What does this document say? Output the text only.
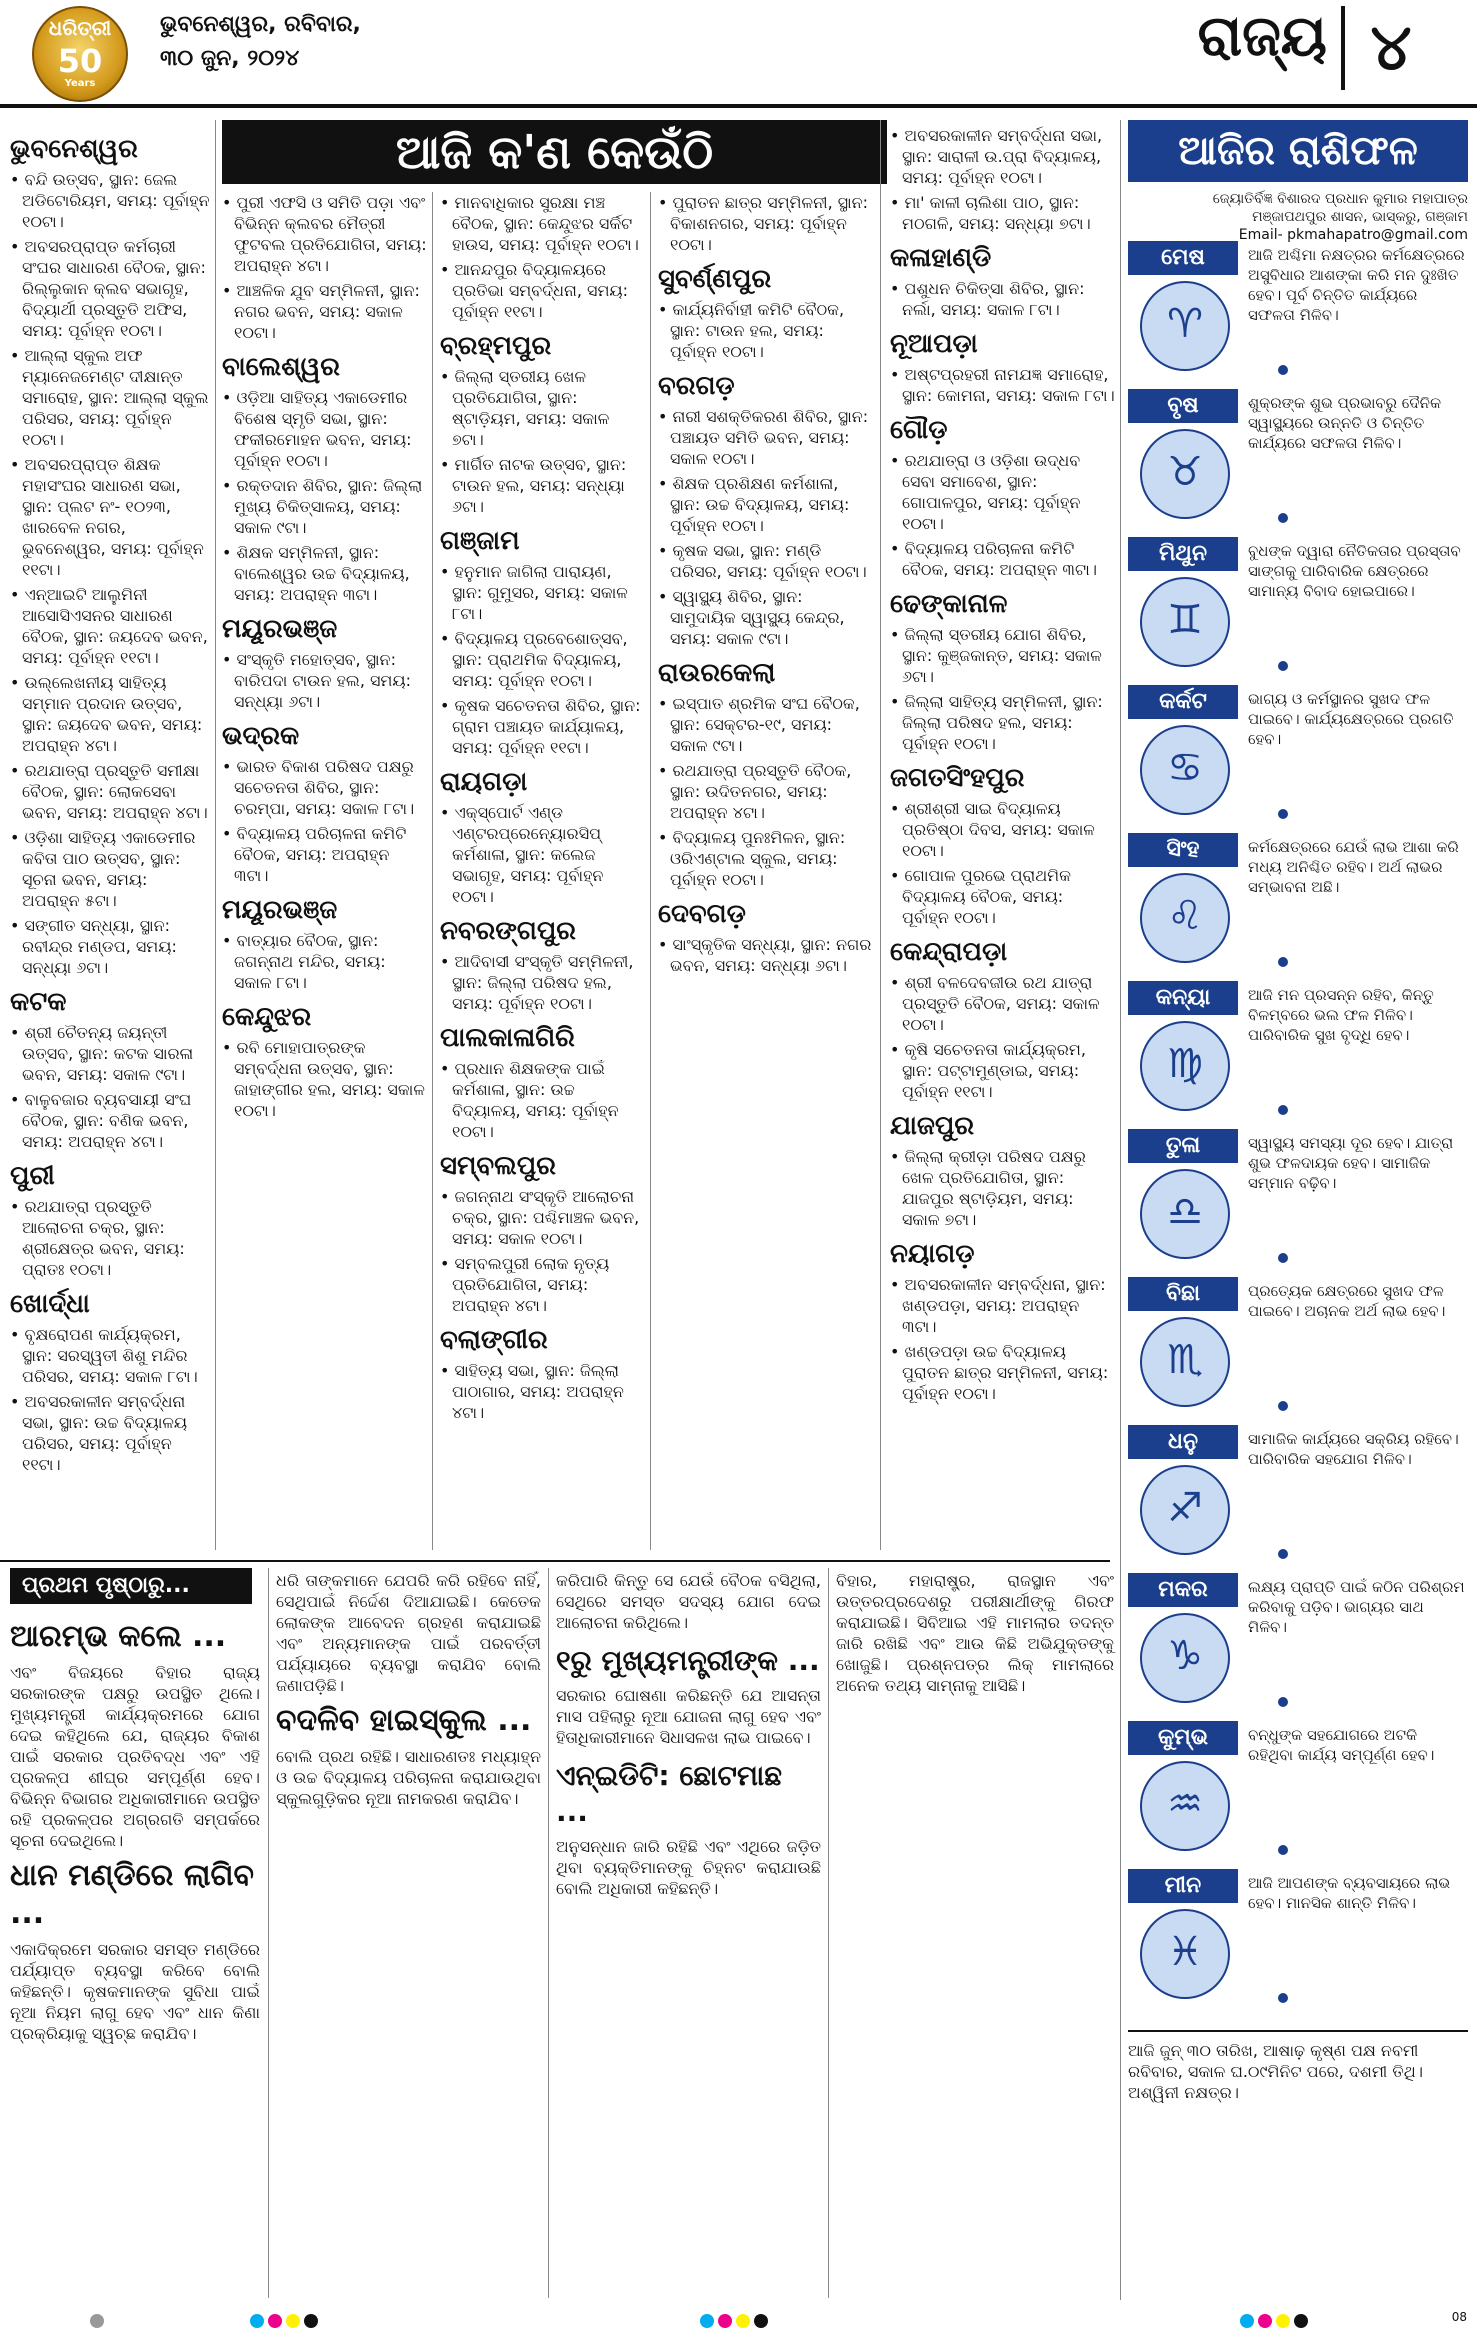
ଧରିତ୍ରୀ
50
Years
ଭୁବନେଶ୍ୱର, ରବିବାର,
୩୦ ଜୁନ, ୨୦୨୪	ରାଜ୍ୟ ୪
ଆଜି କ'ଣ କେଉଁଠି
ଭୁବନେଶ୍ୱର
• ବନ୍ଦି ଉତ୍ସବ, ସ୍ଥାନ: ଜେଲ ଅଡିଟୋରିୟମ, ସମୟ: ପୂର୍ବାହ୍ନ ୧୦ଟା।
• ଅବସରପ୍ରାପ୍ତ କର୍ମଚାରୀ ସଂଘର ସାଧାରଣ ବୈଠକ, ସ୍ଥାନ: ରିଲ୍ଲୁକାନ କ୍ଲବ ସଭାଗୃହ, ବିଦ୍ୟାର୍ଥୀ ପ୍ରସ୍ତୁତି ଅଫିସ, ସମୟ: ପୂର୍ବାହ୍ନ ୧୦ଟା।
• ଆଲ୍ଲା ସ୍କୁଲ ଅଫ ମ୍ୟାନେଜମେଣ୍ଟ ଦୀକ୍ଷାନ୍ତ ସମାରୋହ, ସ୍ଥାନ: ଆଲ୍ଲା ସ୍କୁଲ ପରିସର, ସମୟ: ପୂର୍ବାହ୍ନ ୧୦ଟା।
• ଅବସରପ୍ରାପ୍ତ ଶିକ୍ଷକ ମହାସଂଘର ସାଧାରଣ ସଭା, ସ୍ଥାନ: ପ୍ଲଟ ନଂ- ୧୦୨୩, ଖାରବେଳ ନଗର, ଭୁବନେଶ୍ୱର, ସମୟ: ପୂର୍ବାହ୍ନ ୧୧ଟା।
• ଏନ୍‌ଆଇଟି ଆଲୁମିନୀ ଆସୋସିଏସନର ସାଧାରଣ ବୈଠକ, ସ୍ଥାନ: ଜୟଦେବ ଭବନ, ସମୟ: ପୂର୍ବାହ୍ନ ୧୧ଟା।
• ଉଲ୍ଲେଖନୀୟ ସାହିତ୍ୟ ସମ୍ମାନ ପ୍ରଦାନ ଉତ୍ସବ, ସ୍ଥାନ: ଜୟଦେବ ଭବନ, ସମୟ: ଅପରାହ୍ନ ୪ଟା।
• ରଥଯାତ୍ରା ପ୍ରସ୍ତୁତି ସମୀକ୍ଷା ବୈଠକ, ସ୍ଥାନ: ଲୋକସେବା ଭବନ, ସମୟ: ଅପରାହ୍ନ ୪ଟା।
• ଓଡ଼ିଶା ସାହିତ୍ୟ ଏକାଡେମୀର କବିତା ପାଠ ଉତ୍ସବ, ସ୍ଥାନ: ସୂଚନା ଭବନ, ସମୟ: ଅପରାହ୍ନ ୫ଟା।
• ସଙ୍ଗୀତ ସନ୍ଧ୍ୟା, ସ୍ଥାନ: ରବୀନ୍ଦ୍ର ମଣ୍ଡପ, ସମୟ: ସନ୍ଧ୍ୟା ୬ଟା।
କଟକ
• ଶ୍ରୀ ଚୈତନ୍ୟ ଜୟନ୍ତୀ ଉତ୍ସବ, ସ୍ଥାନ: କଟକ ସାରଳା ଭବନ, ସମୟ: ସକାଳ ୯ଟା।
• ବାଳୁବଜାର ବ୍ୟବସାୟୀ ସଂଘ ବୈଠକ, ସ୍ଥାନ: ବଣିକ ଭବନ, ସମୟ: ଅପରାହ୍ନ ୪ଟା।
ପୁରୀ
• ରଥଯାତ୍ରା ପ୍ରସ୍ତୁତି ଆଲୋଚନା ଚକ୍ର, ସ୍ଥାନ: ଶ୍ରୀକ୍ଷେତ୍ର ଭବନ, ସମୟ: ପ୍ରାତଃ ୧୦ଟା।
ଖୋର୍ଦ୍ଧା
• ବୃକ୍ଷରୋପଣ କାର୍ଯ୍ୟକ୍ରମ, ସ୍ଥାନ: ସରସ୍ୱତୀ ଶିଶୁ ମନ୍ଦିର ପରିସର, ସମୟ: ସକାଳ ୮ଟା।
• ଅବସରକାଳୀନ ସମ୍ବର୍ଦ୍ଧନା ସଭା, ସ୍ଥାନ: ଉଚ୍ଚ ବିଦ୍ୟାଳୟ ପରିସର, ସମୟ: ପୂର୍ବାହ୍ନ ୧୧ଟା।
• ପୁରୀ ଏଫସି ଓ ସମିତି ପଡ଼ା ଏବଂ ବିଭିନ୍ନ କ୍ଲବର ମୈତ୍ରୀ ଫୁଟବଲ ପ୍ରତିଯୋଗିତା, ସମୟ: ଅପରାହ୍ନ ୪ଟା।
• ଆଞ୍ଚଳିକ ଯୁବ ସମ୍ମିଳନୀ, ସ୍ଥାନ: ନଗର ଭବନ, ସମୟ: ସକାଳ ୧୦ଟା।
ବାଲେଶ୍ୱର
• ଓଡ଼ିଆ ସାହିତ୍ୟ ଏକାଡେମୀର ବିଶେଷ ସ୍ମୃତି ସଭା, ସ୍ଥାନ: ଫକୀରମୋହନ ଭବନ, ସମୟ: ପୂର୍ବାହ୍ନ ୧୦ଟା।
• ରକ୍ତଦାନ ଶିବିର, ସ୍ଥାନ: ଜିଲ୍ଲା ମୁଖ୍ୟ ଚିକିତ୍ସାଳୟ, ସମୟ: ସକାଳ ୯ଟା।
• ଶିକ୍ଷକ ସମ୍ମିଳନୀ, ସ୍ଥାନ: ବାଲେଶ୍ୱର ଉଚ୍ଚ ବିଦ୍ୟାଳୟ, ସମୟ: ଅପରାହ୍ନ ୩ଟା।
ମୟୂରଭଞ୍ଜ
• ସଂସ୍କୃତି ମହୋତ୍ସବ, ସ୍ଥାନ: ବାରିପଦା ଟାଉନ ହଲ, ସମୟ: ସନ୍ଧ୍ୟା ୬ଟା।
ଭଦ୍ରକ
• ଭାରତ ବିକାଶ ପରିଷଦ ପକ୍ଷରୁ ସଚେତନତା ଶିବିର, ସ୍ଥାନ: ଚରମ୍ପା, ସମୟ: ସକାଳ ୮ଟା।
• ବିଦ୍ୟାଳୟ ପରିଚାଳନା କମିଟି ବୈଠକ, ସମୟ: ଅପରାହ୍ନ ୩ଟା।
ମୟୂରଭଞ୍ଜ
• ବାତ୍ୟାର ବୈଠକ, ସ୍ଥାନ: ଜଗନ୍ନାଥ ମନ୍ଦିର, ସମୟ: ସକାଳ ୮ଟା।
କେନ୍ଦୁଝର
• ରବି ମୋହାପାତ୍ରଙ୍କ ସମ୍ବର୍ଦ୍ଧନା ଉତ୍ସବ, ସ୍ଥାନ: ଜାହାଙ୍ଗୀର ହଲ, ସମୟ: ସକାଳ ୧୦ଟା।
• ମାନବାଧିକାର ସୁରକ୍ଷା ମଞ୍ଚ ବୈଠକ, ସ୍ଥାନ: କେନ୍ଦୁଝର ସର୍କିଟ ହାଉସ, ସମୟ: ପୂର୍ବାହ୍ନ ୧୦ଟା।
• ଆନନ୍ଦପୁର ବିଦ୍ୟାଳୟରେ ପ୍ରତିଭା ସମ୍ବର୍ଦ୍ଧନା, ସମୟ: ପୂର୍ବାହ୍ନ ୧୧ଟା।
ବ୍ରହ୍ମପୁର
• ଜିଲ୍ଲା ସ୍ତରୀୟ ଖେଳ ପ୍ରତିଯୋଗିତା, ସ୍ଥାନ: ଷ୍ଟାଡ଼ିୟମ, ସମୟ: ସକାଳ ୭ଟା।
• ମାର୍ଗିତ ନାଟକ ଉତ୍ସବ, ସ୍ଥାନ: ଟାଉନ ହଲ, ସମୟ: ସନ୍ଧ୍ୟା ୬ଟା।
ଗଞ୍ଜାମ
• ହନୁମାନ ଜାଗିଲା ପାରାୟଣ, ସ୍ଥାନ: ଗୁମୁସର, ସମୟ: ସକାଳ ୮ଟା।
• ବିଦ୍ୟାଳୟ ପ୍ରବେଶୋତ୍ସବ, ସ୍ଥାନ: ପ୍ରାଥମିକ ବିଦ୍ୟାଳୟ, ସମୟ: ପୂର୍ବାହ୍ନ ୧୦ଟା।
• କୃଷକ ସଚେତନତା ଶିବିର, ସ୍ଥାନ: ଗ୍ରାମ ପଞ୍ଚାୟତ କାର୍ଯ୍ୟାଳୟ, ସମୟ: ପୂର୍ବାହ୍ନ ୧୧ଟା।
ରାୟଗଡ଼ା
• ଏକ୍ସ୍‌ପୋର୍ଟ ଏଣ୍ଡ ଏଣ୍ଟରପ୍ରେନ୍ୟୋରସିପ୍ କର୍ମଶାଳା, ସ୍ଥାନ: କଲେଜ ସଭାଗୃହ, ସମୟ: ପୂର୍ବାହ୍ନ ୧୦ଟା।
ନବରଙ୍ଗପୁର
• ଆଦିବାସୀ ସଂସ୍କୃତି ସମ୍ମିଳନୀ, ସ୍ଥାନ: ଜିଲ୍ଲା ପରିଷଦ ହଲ, ସମୟ: ପୂର୍ବାହ୍ନ ୧୦ଟା।
ପାଲକାଳାଗିରି
• ପ୍ରଧାନ ଶିକ୍ଷକଙ୍କ ପାଇଁ କର୍ମଶାଳା, ସ୍ଥାନ: ଉଚ୍ଚ ବିଦ୍ୟାଳୟ, ସମୟ: ପୂର୍ବାହ୍ନ ୧୦ଟା।
ସମ୍ବଲପୁର
• ଜଗନ୍ନାଥ ସଂସ୍କୃତି ଆଲୋଚନା ଚକ୍ର, ସ୍ଥାନ: ପଶ୍ଚିମାଞ୍ଚଳ ଭବନ, ସମୟ: ସକାଳ ୧୦ଟା।
• ସମ୍ବଲପୁରୀ ଲୋକ ନୃତ୍ୟ ପ୍ରତିଯୋଗିତା, ସମୟ: ଅପରାହ୍ନ ୪ଟା।
ବଲାଙ୍ଗୀର
• ସାହିତ୍ୟ ସଭା, ସ୍ଥାନ: ଜିଲ୍ଲା ପାଠାଗାର, ସମୟ: ଅପରାହ୍ନ ୪ଟା।
• ପୁରାତନ ଛାତ୍ର ସମ୍ମିଳନୀ, ସ୍ଥାନ: ବିକାଶନଗର, ସମୟ: ପୂର୍ବାହ୍ନ ୧୦ଟା।
ସୁବର୍ଣ୍ଣପୁର
• କାର୍ଯ୍ୟନିର୍ବାହୀ କମିଟି ବୈଠକ, ସ୍ଥାନ: ଟାଉନ ହଲ, ସମୟ: ପୂର୍ବାହ୍ନ ୧୦ଟା।
ବରଗଡ଼
• ନାରୀ ସଶକ୍ତିକରଣ ଶିବିର, ସ୍ଥାନ: ପଞ୍ଚାୟତ ସମିତି ଭବନ, ସମୟ: ସକାଳ ୧୦ଟା।
• ଶିକ୍ଷକ ପ୍ରଶିକ୍ଷଣ କର୍ମଶାଳା, ସ୍ଥାନ: ଉଚ୍ଚ ବିଦ୍ୟାଳୟ, ସମୟ: ପୂର୍ବାହ୍ନ ୧୦ଟା।
• କୃଷକ ସଭା, ସ୍ଥାନ: ମଣ୍ଡି ପରିସର, ସମୟ: ପୂର୍ବାହ୍ନ ୧୦ଟା।
• ସ୍ୱାସ୍ଥ୍ୟ ଶିବିର, ସ୍ଥାନ: ସାମୁଦାୟିକ ସ୍ୱାସ୍ଥ୍ୟ କେନ୍ଦ୍ର, ସମୟ: ସକାଳ ୯ଟା।
ରାଉରକେଲା
• ଇସ୍ପାତ ଶ୍ରମିକ ସଂଘ ବୈଠକ, ସ୍ଥାନ: ସେକ୍ଟର-୧୯, ସମୟ: ସକାଳ ୯ଟା।
• ରଥଯାତ୍ରା ପ୍ରସ୍ତୁତି ବୈଠକ, ସ୍ଥାନ: ଉଦିତନଗର, ସମୟ: ଅପରାହ୍ନ ୪ଟା।
• ବିଦ୍ୟାଳୟ ପୁନଃମିଳନ, ସ୍ଥାନ: ଓରିଏଣ୍ଟାଲ ସ୍କୁଲ, ସମୟ: ପୂର୍ବାହ୍ନ ୧୦ଟା।
ଦେବଗଡ଼
• ସାଂସ୍କୃତିକ ସନ୍ଧ୍ୟା, ସ୍ଥାନ: ନଗର ଭବନ, ସମୟ: ସନ୍ଧ୍ୟା ୬ଟା।
• ଅବସରକାଳୀନ ସମ୍ବର୍ଦ୍ଧନା ସଭା, ସ୍ଥାନ: ସାରାଳୀ ଉ.ପ୍ରା ବିଦ୍ୟାଳୟ, ସମୟ: ପୂର୍ବାହ୍ନ ୧୦ଟା।
• ମା' କାଳୀ ଚାଲିଶା ପାଠ, ସ୍ଥାନ: ମଠଗଳି, ସମୟ: ସନ୍ଧ୍ୟା ୭ଟା।
କଳାହାଣ୍ଡି
• ପଶୁଧନ ଚିକିତ୍ସା ଶିବିର, ସ୍ଥାନ: ନର୍ଲା, ସମୟ: ସକାଳ ୮ଟା।
ନୂଆପଡ଼ା
• ଅଷ୍ଟପ୍ରହରୀ ନାମଯଜ୍ଞ ସମାରୋହ, ସ୍ଥାନ: କୋମନା, ସମୟ: ସକାଳ ୮ଟା।
ଗୌଡ଼
• ରଥଯାତ୍ରା ଓ ଓଡ଼ିଶା ଉଦ୍ଧବ ସେବା ସମାବେଶ, ସ୍ଥାନ: ଗୋପାଳପୁର, ସମୟ: ପୂର୍ବାହ୍ନ ୧୦ଟା।
• ବିଦ୍ୟାଳୟ ପରିଚାଳନା କମିଟି ବୈଠକ, ସମୟ: ଅପରାହ୍ନ ୩ଟା।
ଢେଙ୍କାନାଳ
• ଜିଲ୍ଲା ସ୍ତରୀୟ ଯୋଗ ଶିବିର, ସ୍ଥାନ: କୁଞ୍ଜକାନ୍ତ, ସମୟ: ସକାଳ ୬ଟା।
• ଜିଲ୍ଲା ସାହିତ୍ୟ ସମ୍ମିଳନୀ, ସ୍ଥାନ: ଜିଲ୍ଲା ପରିଷଦ ହଲ, ସମୟ: ପୂର୍ବାହ୍ନ ୧୦ଟା।
ଜଗତସିଂହପୁର
• ଶ୍ରୀଶ୍ରୀ ସାଇ ବିଦ୍ୟାଳୟ ପ୍ରତିଷ୍ଠା ଦିବସ, ସମୟ: ସକାଳ ୧୦ଟା।
• ଗୋପାଳ ପୁରଭେ ପ୍ରାଥମିକ ବିଦ୍ୟାଳୟ ବୈଠକ, ସମୟ: ପୂର୍ବାହ୍ନ ୧୦ଟା।
କେନ୍ଦ୍ରାପଡ଼ା
• ଶ୍ରୀ ବଳଦେବଜୀଉ ରଥ ଯାତ୍ରା ପ୍ରସ୍ତୁତି ବୈଠକ, ସମୟ: ସକାଳ ୧୦ଟା।
• କୃଷି ସଚେତନତା କାର୍ଯ୍ୟକ୍ରମ, ସ୍ଥାନ: ପଟ୍ଟାମୁଣ୍ଡାଇ, ସମୟ: ପୂର୍ବାହ୍ନ ୧୧ଟା।
ଯାଜପୁର
• ଜିଲ୍ଲା କ୍ରୀଡ଼ା ପରିଷଦ ପକ୍ଷରୁ ଖେଳ ପ୍ରତିଯୋଗିତା, ସ୍ଥାନ: ଯାଜପୁର ଷ୍ଟାଡ଼ିୟମ, ସମୟ: ସକାଳ ୭ଟା।
ନୟାଗଡ଼
• ଅବସରକାଳୀନ ସମ୍ବର୍ଦ୍ଧନା, ସ୍ଥାନ: ଖଣ୍ଡପଡ଼ା, ସମୟ: ଅପରାହ୍ନ ୩ଟା।
• ଖଣ୍ଡପଡ଼ା ଉଚ୍ଚ ବିଦ୍ୟାଳୟ ପୁରାତନ ଛାତ୍ର ସମ୍ମିଳନୀ, ସମୟ: ପୂର୍ବାହ୍ନ ୧୦ଟା।
ଆଜିର ରାଶିଫଳ
ଜ୍ୟୋତିର୍ବିଜ୍ଞ ବିଶାରଦ ପ୍ରଧାନ କୁମାର ମହାପାତ୍ର
ମଞ୍ଜାପଥପୁର ଶାସନ, ଭାସ୍କରୁ, ଗଞ୍ଜାମ
Email- pkmahapatro@gmail.com
ମେଷ
♈
ଆଜି ଅଶ୍ଚିମା ନକ୍ଷତ୍ରର କର୍ମକ୍ଷେତ୍ରରେ ଅସୁବିଧାର ଆଶଙ୍କା କରି ମନ ଦୁଃଖିତ ହେବ। ପୂର୍ବ ଚିନ୍ତିତ କାର୍ଯ୍ୟରେ ସଫଳତା ମିଳିବ।
ବୃଷ
♉
ଶୁକ୍ରଙ୍କ ଶୁଭ ପ୍ରଭାବରୁ ଦୈନିକ ସ୍ୱାସ୍ଥ୍ୟରେ ଉନ୍ନତି ଓ ଚିନ୍ତିତ କାର୍ଯ୍ୟରେ ସଫଳତା ମିଳିବ।
ମିଥୁନ
♊
ବୁଧଙ୍କ ଦ୍ୱାରା ନୈତିକତାର ପ୍ରସ୍ତାବ ସାଙ୍ଗକୁ ପାରିବାରିକ କ୍ଷେତ୍ରରେ ସାମାନ୍ୟ ବିବାଦ ହୋଇପାରେ।
କର୍କଟ
♋
ଭାଗ୍ୟ ଓ କର୍ମସ୍ଥାନର ସୁଖଦ ଫଳ ପାଇବେ। କାର୍ଯ୍ୟକ୍ଷେତ୍ରରେ ପ୍ରଗତି ହେବ।
ସିଂହ
♌
କର୍ମକ୍ଷେତ୍ରରେ ଯେଉଁ ଲାଭ ଆଶା କରି ମଧ୍ୟ ଅନିଶ୍ଚିତ ରହିବ। ଅର୍ଥ ଲାଭର ସମ୍ଭାବନା ଅଛି।
କନ୍ୟା
♍
ଆଜି ମନ ପ୍ରସନ୍ନ ରହିବ, କିନ୍ତୁ ବିଳମ୍ବରେ ଭଲ ଫଳ ମିଳିବ। ପାରିବାରିକ ସୁଖ ବୃଦ୍ଧି ହେବ।
ତୁଳା
♎
ସ୍ୱାସ୍ଥ୍ୟ ସମସ୍ୟା ଦୂର ହେବ। ଯାତ୍ରା ଶୁଭ ଫଳଦାୟକ ହେବ। ସାମାଜିକ ସମ୍ମାନ ବଢ଼ିବ।
ବିଛା
♏
ପ୍ରତ୍ୟେକ କ୍ଷେତ୍ରରେ ସୁଖଦ ଫଳ ପାଇବେ। ଅଚାନକ ଅର୍ଥ ଲାଭ ହେବ।
ଧନୁ
♐
ସାମାଜିକ କାର୍ଯ୍ୟରେ ସକ୍ରିୟ ରହିବେ। ପାରିବାରିକ ସହଯୋଗ ମିଳିବ।
ମକର
♑
ଲକ୍ଷ୍ୟ ପ୍ରାପ୍ତି ପାଇଁ କଠିନ ପରିଶ୍ରମ କରିବାକୁ ପଡ଼ିବ। ଭାଗ୍ୟର ସାଥ ମିଳିବ।
କୁମ୍ଭ
♒
ବନ୍ଧୁଙ୍କ ସହଯୋଗରେ ଅଟକି ରହିଥିବା କାର୍ଯ୍ୟ ସମ୍ପୂର୍ଣ୍ଣ ହେବ।
ମୀନ
♓
ଆଜି ଆପଣଙ୍କ ବ୍ୟବସାୟରେ ଲାଭ ହେବ। ମାନସିକ ଶାନ୍ତି ମିଳିବ।
ଆଜି ଜୁନ୍ ୩୦ ତାରିଖ, ଆଷାଢ଼ କୃଷ୍ଣ ପକ୍ଷ ନବମୀ ରବିବାର, ସକାଳ ଘ.୦୯ମିନିଟ ପରେ, ଦଶମୀ ତିଥି। ଅଶ୍ୱିନୀ ନକ୍ଷତ୍ର।
ପ୍ରଥମ ପୃଷ୍ଠାରୁ...
ଆରମ୍ଭ କଲେ ...
ଏବଂ ବିଜୟରେ ବିହାର ରାଜ୍ୟ ସରକାରଙ୍କ ପକ୍ଷରୁ ଉପସ୍ଥିତ ଥିଲେ। ମୁଖ୍ୟମନ୍ତ୍ରୀ କାର୍ଯ୍ୟକ୍ରମରେ ଯୋଗ ଦେଇ କହିଥିଲେ ଯେ, ରାଜ୍ୟର ବିକାଶ ପାଇଁ ସରକାର ପ୍ରତିବଦ୍ଧ ଏବଂ ଏହି ପ୍ରକଳ୍ପ ଶୀଘ୍ର ସମ୍ପୂର୍ଣ୍ଣ ହେବ। ବିଭିନ୍ନ ବିଭାଗର ଅଧିକାରୀମାନେ ଉପସ୍ଥିତ ରହି ପ୍ରକଳ୍ପର ଅଗ୍ରଗତି ସମ୍ପର୍କରେ ସୂଚନା ଦେଇଥିଲେ।
ଧାନ ମଣ୍ଡିରେ ଲାଗିବ ...
ଏକାଦିକ୍ରମେ ସରକାର ସମସ୍ତ ମଣ୍ଡିରେ ପର୍ଯ୍ୟାପ୍ତ ବ୍ୟବସ୍ଥା କରିବେ ବୋଲି କହିଛନ୍ତି। କୃଷକମାନଙ୍କ ସୁବିଧା ପାଇଁ ନୂଆ ନିୟମ ଲାଗୁ ହେବ ଏବଂ ଧାନ କିଣା ପ୍ରକ୍ରିୟାକୁ ସ୍ୱଚ୍ଛ କରାଯିବ।
ଧରି ତାଙ୍କମାନେ ଯେପରି କରି ରହିବେ ନାହିଁ, ସେଥିପାଇଁ ନିର୍ଦ୍ଦେଶ ଦିଆଯାଇଛି। କେତେକ ଲୋକଙ୍କ ଆବେଦନ ଗ୍ରହଣ କରାଯାଇଛି ଏବଂ ଅନ୍ୟମାନଙ୍କ ପାଇଁ ପରବର୍ତ୍ତୀ ପର୍ଯ୍ୟାୟରେ ବ୍ୟବସ୍ଥା କରାଯିବ ବୋଲି ଜଣାପଡ଼ିଛି।
ବଦଳିବ ହାଇସ୍କୁଲ ...
ବୋଲି ପ୍ରଥ ରହିଛି। ସାଧାରଣତଃ ମଧ୍ୟାହ୍ନ ଓ ଉଚ୍ଚ ବିଦ୍ୟାଳୟ ପରିଚାଳନା କରାଯାଉଥିବା ସ୍କୁଲଗୁଡ଼ିକର ନୂଆ ନାମକରଣ କରାଯିବ।
କରିପାରି କିନ୍ତୁ ସେ ଯେଉଁ ବୈଠକ ବସିଥିଲା, ସେଥିରେ ସମସ୍ତ ସଦସ୍ୟ ଯୋଗ ଦେଇ ଆଲୋଚନା କରିଥିଲେ।
୧ରୁ ମୁଖ୍ୟମନ୍ତ୍ରୀଙ୍କ ...
ସରକାର ଘୋଷଣା କରିଛନ୍ତି ଯେ ଆସନ୍ତା ମାସ ପହିଲାରୁ ନୂଆ ଯୋଜନା ଲାଗୁ ହେବ ଏବଂ ହିତାଧିକାରୀମାନେ ସିଧାସଳଖ ଲାଭ ପାଇବେ।
ଏନ୍‌ଇଡିଟି: ଛୋଟମାଛ ...
ଅନୁସନ୍ଧାନ ଜାରି ରହିଛି ଏବଂ ଏଥିରେ ଜଡ଼ିତ ଥିବା ବ୍ୟକ୍ତିମାନଙ୍କୁ ଚିହ୍ନଟ କରାଯାଉଛି ବୋଲି ଅଧିକାରୀ କହିଛନ୍ତି।
ବିହାର, ମହାରାଷ୍ଟ୍ର, ରାଜସ୍ଥାନ ଏବଂ ଉତ୍ତରପ୍ରଦେଶରୁ ପରୀକ୍ଷାର୍ଥୀଙ୍କୁ ଗିରଫ କରାଯାଇଛି। ସିବିଆଇ ଏହି ମାମଲାର ତଦନ୍ତ ଜାରି ରଖିଛି ଏବଂ ଆଉ କିଛି ଅଭିଯୁକ୍ତଙ୍କୁ ଖୋଜୁଛି। ପ୍ରଶ୍ନପତ୍ର ଲିକ୍ ମାମଲାରେ ଅନେକ ତଥ୍ୟ ସାମ୍ନାକୁ ଆସିଛି।
08
